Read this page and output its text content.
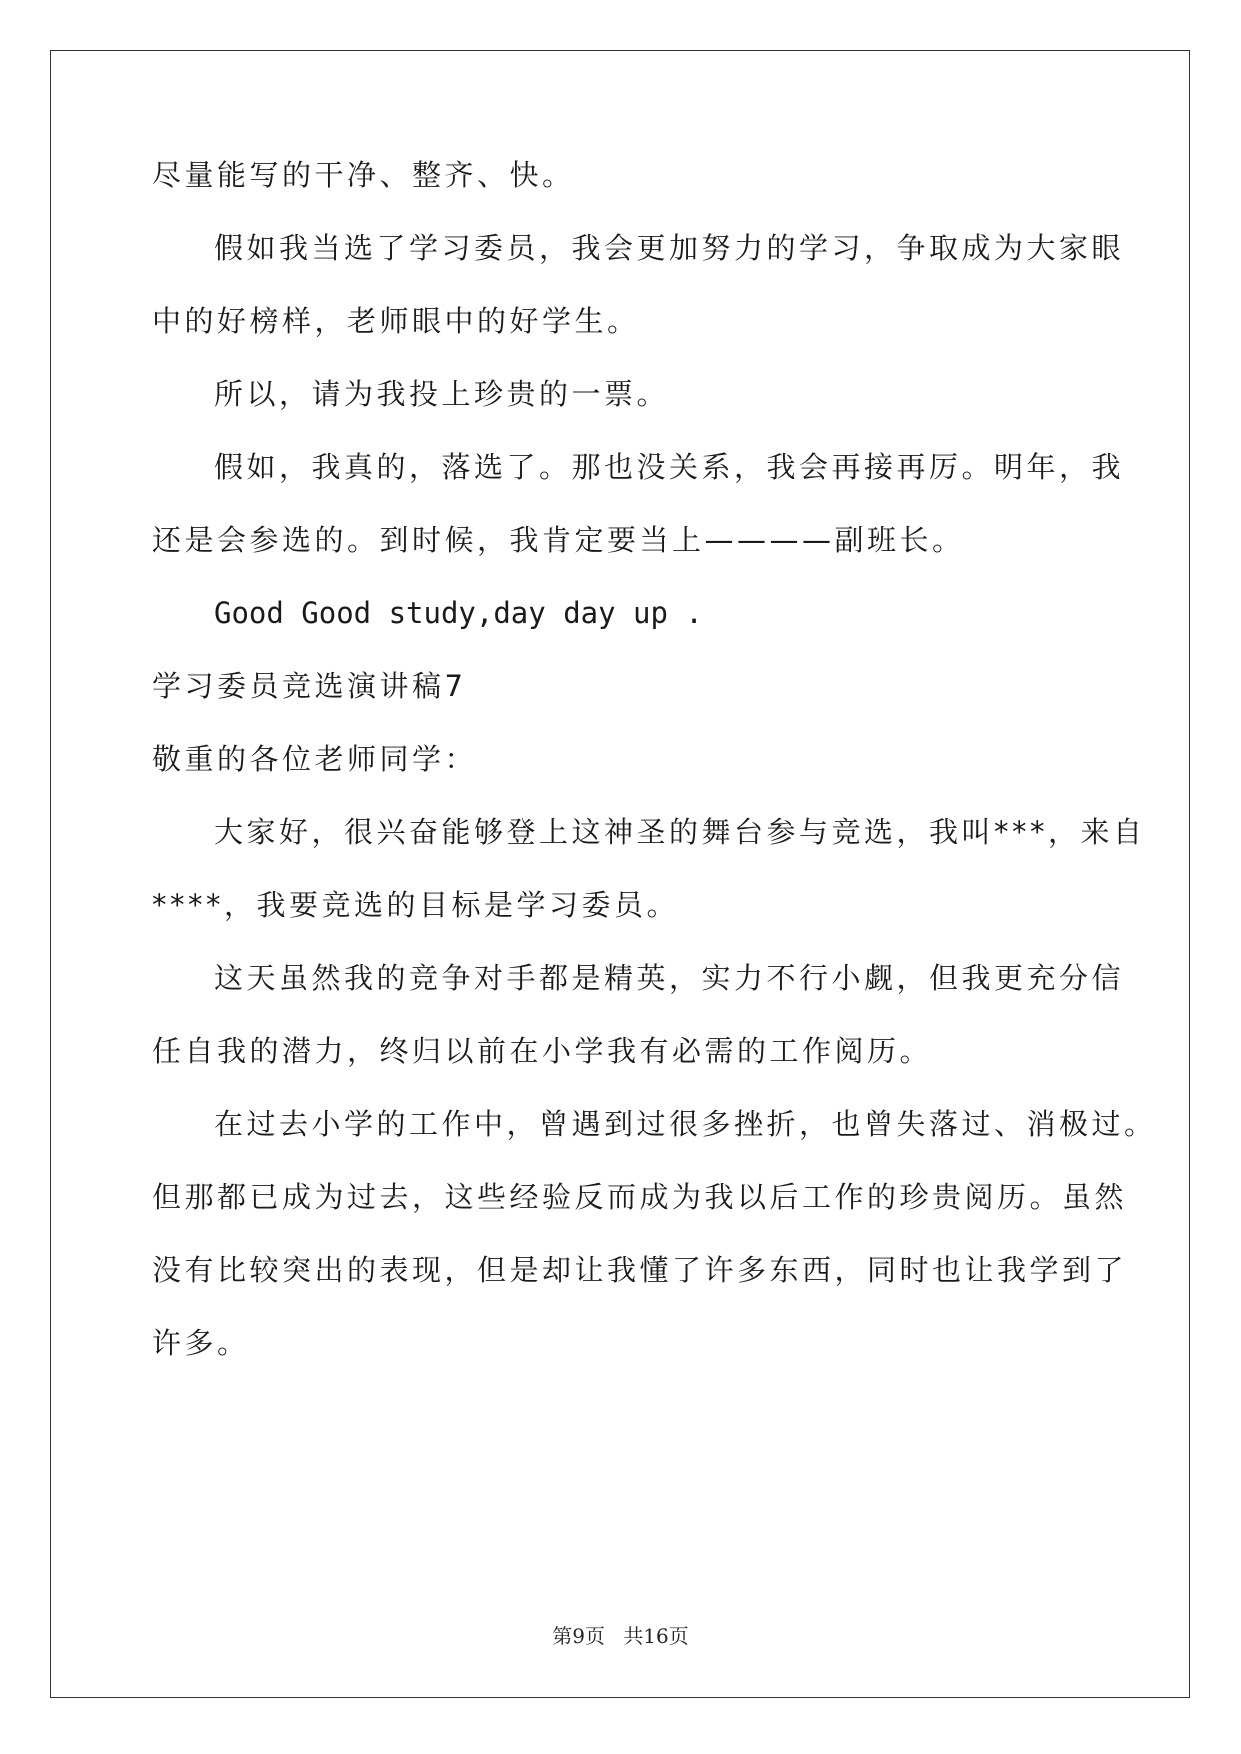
尽量能写的干净、整齐、快。
假如我当选了学习委员，我会更加努力的学习，争取成为大家眼
中的好榜样，老师眼中的好学生。
所以，请为我投上珍贵的一票。
假如，我真的，落选了。那也没关系，我会再接再厉。明年，我
还是会参选的。到时候，我肯定要当上————副班长。
Good Good study,day day up .
学习委员竞选演讲稿7
敬重的各位老师同学：
大家好，很兴奋能够登上这神圣的舞台参与竞选，我叫***，来自
****，我要竞选的目标是学习委员。
这天虽然我的竞争对手都是精英，实力不行小觑，但我更充分信
任自我的潜力，终归以前在小学我有必需的工作阅历。
在过去小学的工作中，曾遇到过很多挫折，也曾失落过、消极过。
但那都已成为过去，这些经验反而成为我以后工作的珍贵阅历。虽然
没有比较突出的表现，但是却让我懂了许多东西，同时也让我学到了
许多。
第9页 共16页
